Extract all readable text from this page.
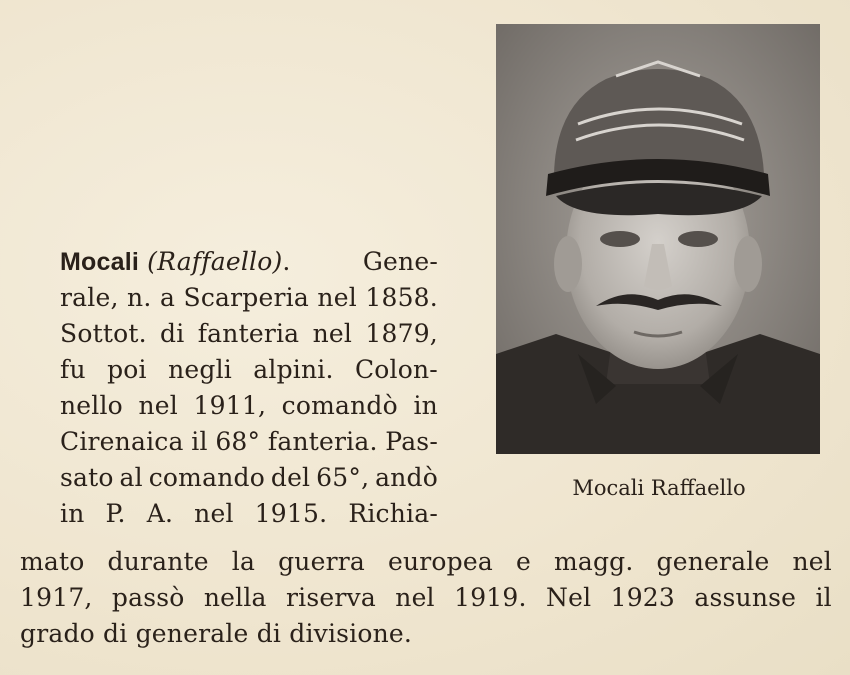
Mocali (Raffaello).	Gene-
rale, n. a Scarperia nel 1858.
Sottot. di fanteria nel 1879,
fu poi negli alpini. Colon-
nello nel 1911, comandò in
Cirenaica il 68° fanteria. Pas-
sato al comando del 65°, andò
in P. A. nel 1915. Richia-
mato durante la guerra europea e magg. generale nel
1917, passò nella riserva nel 1919. Nel 1923 assunse il
grado di generale di divisione.
Mocali Raffaello
